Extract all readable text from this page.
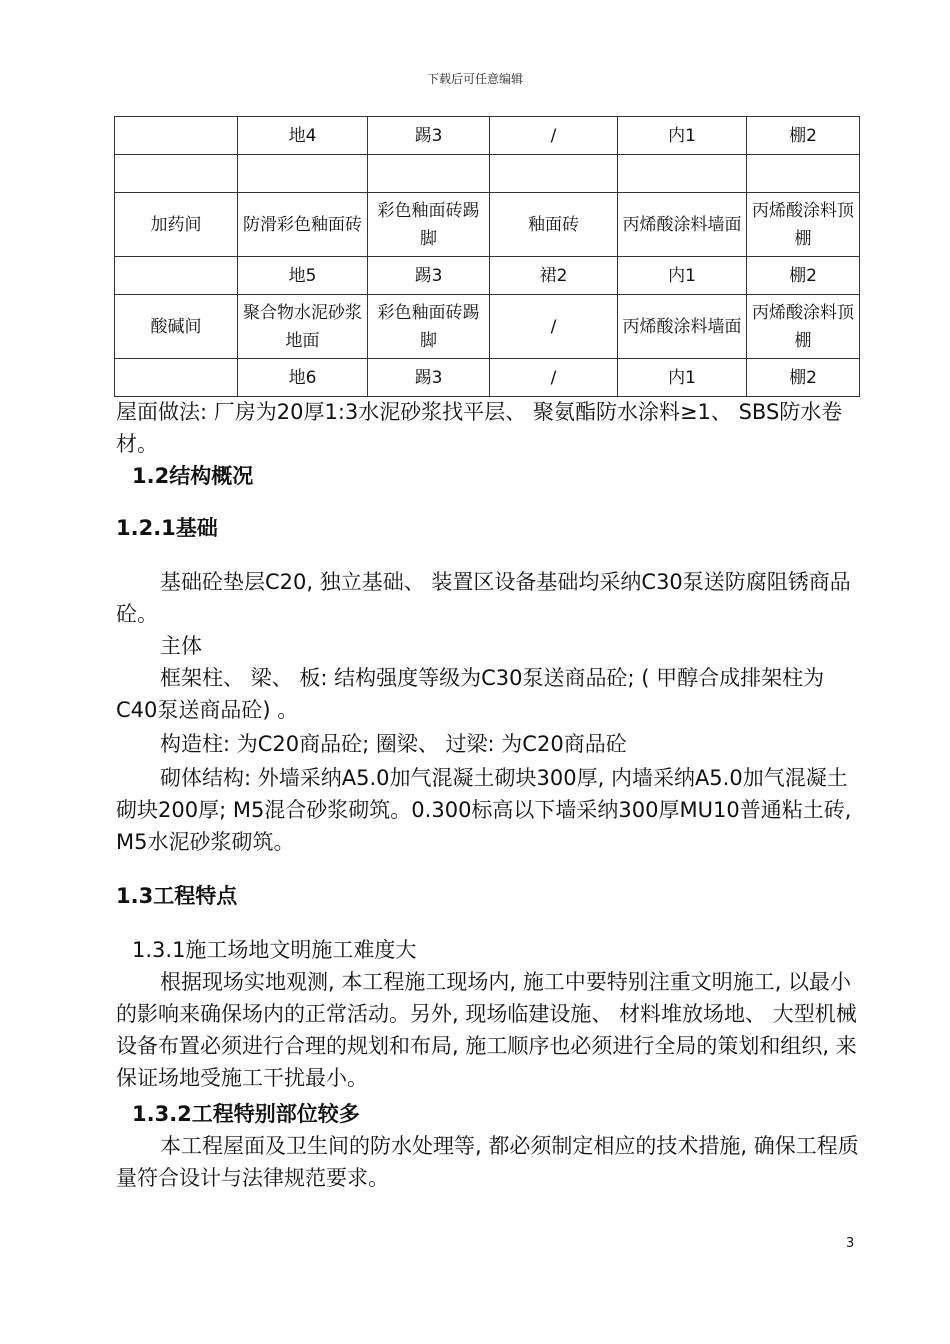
下载后可任意编辑
	地4	踢3	/	内1	棚2

加药间	防滑彩色釉面砖	彩色釉面砖踢脚	釉面砖	丙烯酸涂料墙面	丙烯酸涂料顶棚
	地5	踢3	裙2	内1	棚2
酸碱间	聚合物水泥砂浆地面	彩色釉面砖踢脚	/	丙烯酸涂料墙面	丙烯酸涂料顶棚
	地6	踢3	/	内1	棚2

屋面做法: 厂房为20厚1:3水泥砂浆找平层、 聚氨酯防水涂料≥1、 SBS防水卷材。

1.2结构概况

1.2.1基础

基础砼垫层C20, 独立基础、 装置区设备基础均采纳C30泵送防腐阻锈商品砼。

主体

框架柱、 梁、 板: 结构强度等级为C30泵送商品砼; ( 甲醇合成排架柱为C40泵送商品砼) 。

构造柱: 为C20商品砼; 圈梁、 过梁: 为C20商品砼

砌体结构: 外墙采纳A5.0加气混凝土砌块300厚, 内墙采纳A5.0加气混凝土砌块200厚; M5混合砂浆砌筑。0.300标高以下墙采纳300厚MU10普通粘土砖, M5水泥砂浆砌筑。

1.3工程特点

1.3.1施工场地文明施工难度大

根据现场实地观测, 本工程施工现场内, 施工中要特别注重文明施工, 以最小的影响来确保场内的正常活动。另外, 现场临建设施、 材料堆放场地、 大型机械设备布置必须进行合理的规划和布局, 施工顺序也必须进行全局的策划和组织, 来保证场地受施工干扰最小。

1.3.2工程特别部位较多

本工程屋面及卫生间的防水处理等, 都必须制定相应的技术措施, 确保工程质量符合设计与法律规范要求。

3
